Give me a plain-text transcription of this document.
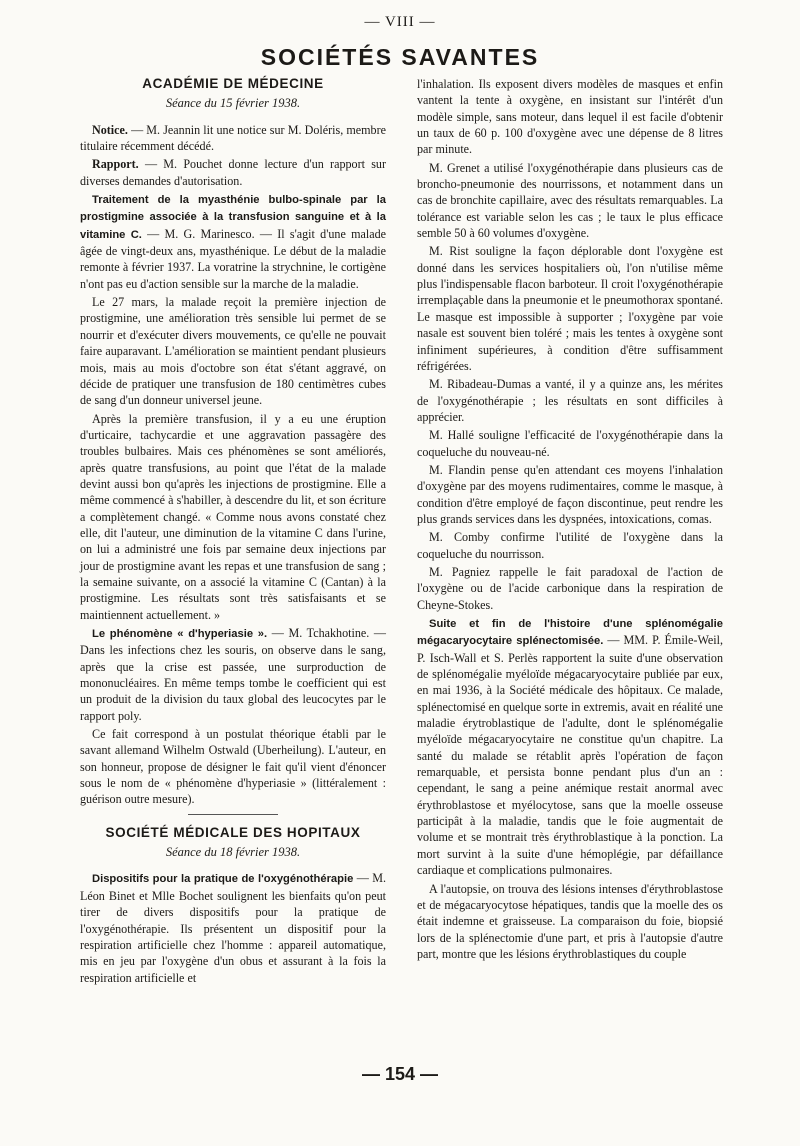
— VIII —
SOCIÉTÉS SAVANTES
ACADÉMIE DE MÉDECINE
Séance du 15 février 1938.

Notice. — M. Jeannin lit une notice sur M. Doléris, membre titulaire récemment décédé.

Rapport. — M. Pouchet donne lecture d'un rapport sur diverses demandes d'autorisation.

Traitement de la myasthénie bulbo-spinale par la prostigmine associée à la transfusion sanguine et à la vitamine C. — M. G. Marinesco. — Il s'agit d'une malade âgée de vingt-deux ans, myasthénique. Le début de la maladie remonte à février 1937. La voratrine la strychnine, le cortigène n'ont pas eu d'action sensible sur la marche de la maladie.

Le 27 mars, la malade reçoit la première injection de prostigmine, une amélioration très sensible lui permet de se nourrir et d'exécuter divers mouvements, ce qu'elle ne pouvait faire auparavant. L'amélioration se maintient pendant plusieurs mois, mais au mois d'octobre son état s'étant aggravé, on décide de pratiquer une transfusion de 180 centimètres cubes de sang d'un donneur universel jeune.

Après la première transfusion, il y a eu une éruption d'urticaire, tachycardie et une aggravation passagère des troubles bulbaires. Mais ces phénomènes se sont améliorés, après quatre transfusions, au point que l'état de la malade devint aussi bon qu'après les injections de prostigmine. Elle a même commencé à s'habiller, à descendre du lit, et son écriture a complètement changé. « Comme nous avons constaté chez elle, dit l'auteur, une diminution de la vitamine C dans l'urine, on lui a administré une fois par semaine deux injections par jour de prostigmine avant les repas et une transfusion de sang ; la semaine suivante, on a associé la vitamine C (Cantan) à la prostigmine. Les résultats sont très satisfaisants et se maintiennent actuellement. »

Le phénomène « d'hyperiasie ». — M. Tchakhotine. — Dans les infections chez les souris, on observe dans le sang, après que la crise est passée, une surproduction de mononucléaires. En même temps tombe le coefficient qui est un produit de la division du taux global des leucocytes par le rapport poly.

Ce fait correspond à un postulat théorique établi par le savant allemand Wilhelm Ostwald (Uberheilung). L'auteur, en son honneur, propose de désigner le fait qu'il vient d'énoncer sous le nom de « phénomène d'hyperiasie » (littéralement : guérison outre mesure).

SOCIÉTÉ MÉDICALE DES HOPITAUX
Séance du 18 février 1938.

Dispositifs pour la pratique de l'oxygénothérapie — M. Léon Binet et Mlle Bochet soulignent les bienfaits qu'on peut tirer de divers dispositifs pour la pratique de l'oxygénothérapie. Ils présentent un dispositif pour la respiration artificielle chez l'homme : appareil automatique, mis en jeu par l'oxygène d'un obus et assurant à la fois la respiration artificielle et

l'inhalation. Ils exposent divers modèles de masques et enfin vantent la tente à oxygène, en insistant sur l'intérêt d'un modèle simple, sans moteur, dans lequel il est facile d'obtenir un taux de 60 p. 100 d'oxygène avec une dépense de 8 litres par minute.

M. Grenet a utilisé l'oxygénothérapie dans plusieurs cas de broncho-pneumonie des nourrissons, et notamment dans un cas de bronchite capillaire, avec des résultats remarquables. La tolérance est variable selon les cas ; le taux le plus efficace semble 50 à 60 volumes d'oxygène.

M. Rist souligne la façon déplorable dont l'oxygène est donné dans les services hospitaliers où, l'on n'utilise même plus l'indispensable flacon barboteur. Il croit l'oxygénothérapie irremplaçable dans la pneumonie et le pneumothorax spontané. Le masque est impossible à supporter ; l'oxygène par voie nasale est souvent bien toléré ; mais les tentes à oxygène sont infiniment supérieures, à condition d'être suffisamment réfrigérées.

M. Ribadeau-Dumas a vanté, il y a quinze ans, les mérites de l'oxygénothérapie ; les résultats en sont difficiles à apprécier.

M. Hallé souligne l'efficacité de l'oxygénothérapie dans la coqueluche du nouveau-né.

M. Flandin pense qu'en attendant ces moyens l'inhalation d'oxygène par des moyens rudimentaires, comme le masque, à condition d'être employé de façon discontinue, peut rendre les plus grands services dans les dyspnées, intoxications, comas.

M. Comby confirme l'utilité de l'oxygène dans la coqueluche du nourrisson.

M. Pagniez rappelle le fait paradoxal de l'action de l'oxygène ou de l'acide carbonique dans la respiration de Cheyne-Stokes.

Suite et fin de l'histoire d'une splénomégalie mégacaryocytaire splénectomisée. — MM. P. Émile-Weil, P. Isch-Wall et S. Perlès rapportent la suite d'une observation de splénomégalie myéloïde mégacaryocytaire publiée par eux, en mai 1936, à la Société médicale des hôpitaux. Ce malade, splénectomisé en quelque sorte in extremis, avait en réalité une maladie érytroblastique de l'adulte, dont le splénomégalie myéloïde mégacaryocytaire ne constitue qu'un chapitre. La santé du malade se rétablit après l'opération de façon remarquable, et persista bonne pendant plus d'un an : cependant, le sang a peine anémique restait anormal avec érythroblastose et myélocytose, sans que la moelle osseuse participât à la maladie, tandis que le foie augmentait de volume et se montrait très érythroblastique à la ponction. La mort survint à la suite d'une hémoplégie, par défaillance cardiaque et complications pulmonaires.

A l'autopsie, on trouva des lésions intenses d'érythroblastose et de mégacaryocytose hépatiques, tandis que la moelle des os était indemne et graisseuse. La comparaison du foie, biopsié lors de la splénectomie d'une part, et pris à l'autopsie d'autre part, montre que les lésions érythroblastiques du couple

— 154 —
